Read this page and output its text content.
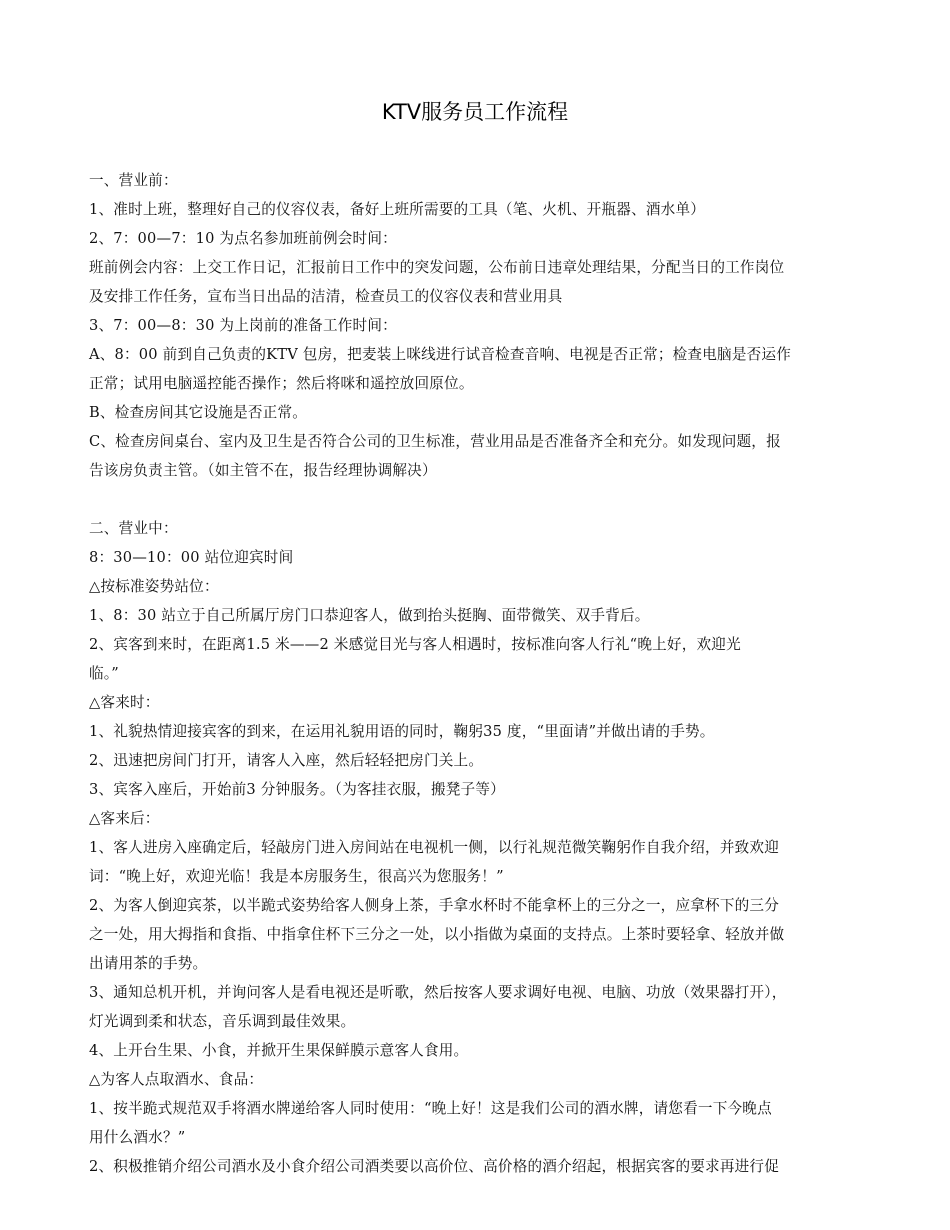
KTV服务员工作流程
一、营业前：
1、准时上班，整理好自己的仪容仪表，备好上班所需要的工具（笔、火机、开瓶器、酒水单）
2、7：00—7：10 为点名参加班前例会时间：
班前例会内容：上交工作日记，汇报前日工作中的突发问题，公布前日违章处理结果，分配当日的工作岗位
及安排工作任务，宣布当日出品的洁清，检查员工的仪容仪表和营业用具
3、7：00—8：30 为上岗前的准备工作时间：
A、8：00 前到自己负责的KTV 包房，把麦装上咪线进行试音检查音响、电视是否正常；检查电脑是否运作
正常；试用电脑遥控能否操作；然后将咪和遥控放回原位。
B、检查房间其它设施是否正常。
C、检查房间桌台、室内及卫生是否符合公司的卫生标准，营业用品是否准备齐全和充分。如发现问题，报
告该房负责主管。（如主管不在，报告经理协调解决）
二、营业中：
8：30—10：00 站位迎宾时间
△按标准姿势站位：
1、8：30 站立于自己所属厅房门口恭迎客人，做到抬头挺胸、面带微笑、双手背后。
2、宾客到来时，在距离1.5 米——2 米感觉目光与客人相遇时，按标准向客人行礼“晚上好，欢迎光
临。”
△客来时：
1、礼貌热情迎接宾客的到来，在运用礼貌用语的同时，鞠躬35 度，“里面请”并做出请的手势。
2、迅速把房间门打开，请客人入座，然后轻轻把房门关上。
3、宾客入座后，开始前3 分钟服务。（为客挂衣服，搬凳子等）
△客来后：
1、客人进房入座确定后，轻敲房门进入房间站在电视机一侧，以行礼规范微笑鞠躬作自我介绍，并致欢迎
词：“晚上好，欢迎光临！我是本房服务生，很高兴为您服务！”
2、为客人倒迎宾茶，以半跪式姿势给客人侧身上茶，手拿水杯时不能拿杯上的三分之一，应拿杯下的三分
之一处，用大拇指和食指、中指拿住杯下三分之一处，以小指做为桌面的支持点。上茶时要轻拿、轻放并做
出请用茶的手势。
3、通知总机开机，并询问客人是看电视还是听歌，然后按客人要求调好电视、电脑、功放（效果器打开），
灯光调到柔和状态，音乐调到最佳效果。
4、上开台生果、小食，并掀开生果保鲜膜示意客人食用。
△为客人点取酒水、食品：
1、按半跪式规范双手将酒水牌递给客人同时使用：“晚上好！这是我们公司的酒水牌，请您看一下今晚点
用什么酒水？”
2、积极推销介绍公司酒水及小食介绍公司酒类要以高价位、高价格的酒介绍起，根据宾客的要求再进行促
